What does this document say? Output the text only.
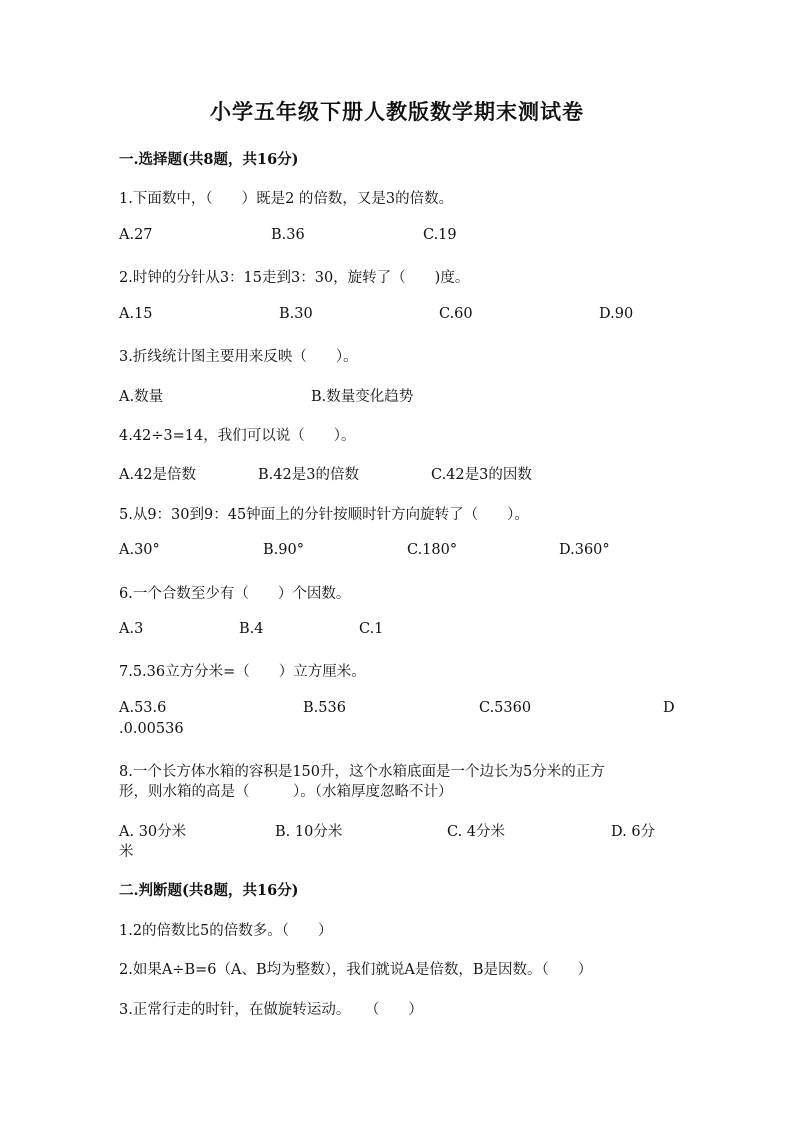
小学五年级下册人教版数学期末测试卷
一.选择题(共8题，共16分)
1.下面数中，（　　）既是2 的倍数，又是3的倍数。
A.27	B.36	C.19
2.时钟的分针从3：15走到3：30，旋转了（　　)度。
A.15	B.30	C.60	D.90
3.折线统计图主要用来反映（　　）。
A.数量	B.数量变化趋势
4.42÷3=14，我们可以说（　　）。
A.42是倍数	B.42是3的倍数	C.42是3的因数
5.从9：30到9：45钟面上的分针按顺时针方向旋转了（　　）。
A.30°	B.90°	C.180°	D.360°
6.一个合数至少有（　　）个因数。
A.3	B.4	C.1
7.5.36立方分米=（　　）立方厘米。
A.53.6	B.536	C.5360	D
.0.00536
8.一个长方体水箱的容积是150升，这个水箱底面是一个边长为5分米的正方
形，则水箱的高是（　　　）。（水箱厚度忽略不计）
A. 30分米	B. 10分米	C. 4分米	D. 6分
米
二.判断题(共8题，共16分)
1.2的倍数比5的倍数多。（　　）
2.如果A÷B=6（A、B均为整数），我们就说A是倍数，B是因数。（　　）
3.正常行走的时针，在做旋转运动。　　（　　）
